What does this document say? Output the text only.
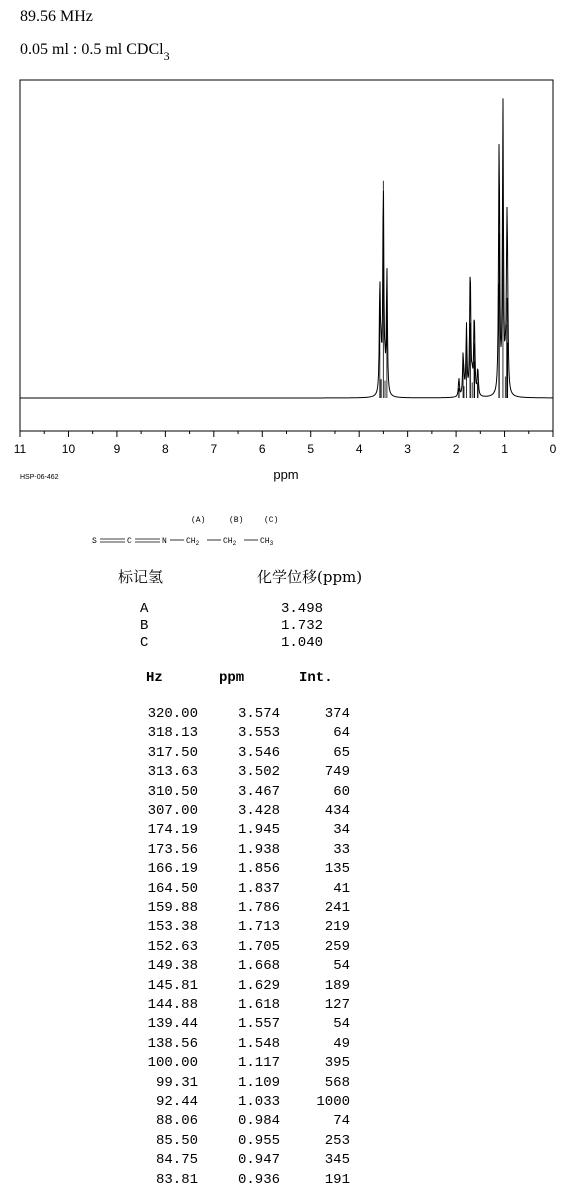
89.56 MHz
0.05 ml : 0.5 ml CDCl$_3$
11	10	9	8	7	6	5	4	3	2	1	0
ppm
HSP-06-462
(A)	(B)	(C)
S	C	N $CH_2$	$CH_2$	$CH_3$
标记氢	化学位移(ppm)
A	3.498
B	1.732
C	1.040
Hz	ppm	Int.
320.00	3.574	374
318.13	3.553	64
317.50	3.546	65
313.63	3.502	749
310.50	3.467	60
307.00	3.428	434
174.19	1.945	34
173.56	1.938	33
166.19	1.856	135
164.50	1.837	41
159.88	1.786	241
153.38	1.713	219
152.63	1.705	259
149.38	1.668	54
145.81	1.629	189
144.88	1.618	127
139.44	1.557	54
138.56	1.548	49
100.00	1.117	395
99.31	1.109	568
92.44	1.033	1000
88.06	0.984	74
85.50	0.955	253
84.75	0.947	345
83.81	0.936	191
